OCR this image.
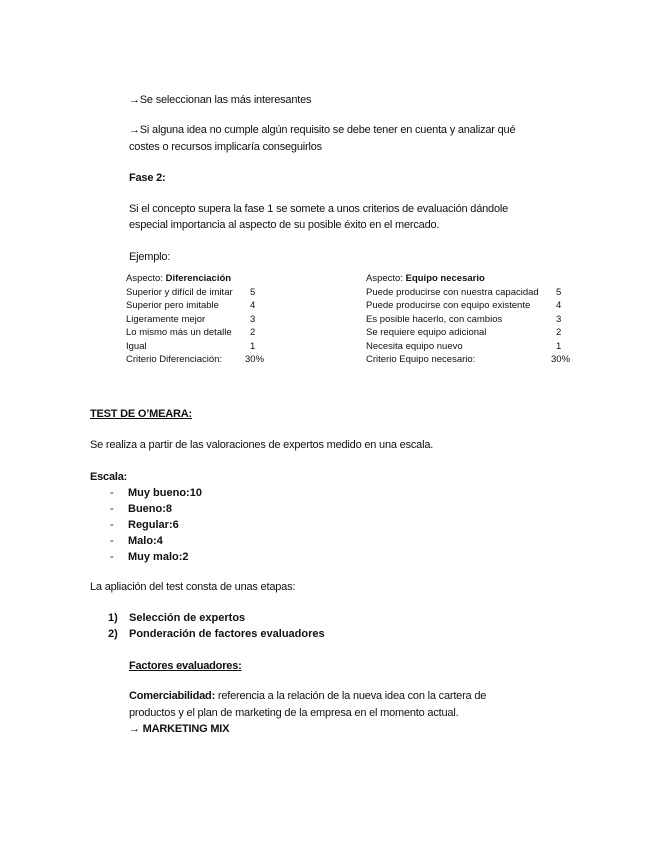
→Se seleccionan las más interesantes
→Si alguna idea no cumple algún requisito se debe tener en cuenta y analizar qué
costes o recursos implicaría conseguirlos
Fase 2:
Si el concepto supera la fase 1 se somete a unos criterios de evaluación dándole
especial importancia al aspecto de su posible éxito en el mercado.
Ejemplo:
Aspecto: Diferenciación
Superior y difícil de imitar 5
Superior pero imitable	4
Ligeramente mejor	3
Lo mismo más un detalle 2
Igual	1
Criterio Diferenciación: 30%
Aspecto: Equipo necesario
Puede producirse con nuestra capacidad 5
Puede producirse con equipo existente	4
Es posible hacerlo, con cambios	3
Se requiere equipo adicional	2
Necesita equipo nuevo	1
Criterio Equipo necesario:	30%
TEST DE O’MEARA:
Se realiza a partir de las valoraciones de expertos medido en una escala.
Escala:
- Muy bueno:10
- Bueno:8
- Regular:6
- Malo:4
- Muy malo:2
La apliación del test consta de unas etapas:
1) Selección de expertos
2) Ponderación de factores evaluadores
Factores evaluadores:
Comerciabilidad: referencia a la relación de la nueva idea con la cartera de
productos y el plan de marketing de la empresa en el momento actual.
→ MARKETING MIX
